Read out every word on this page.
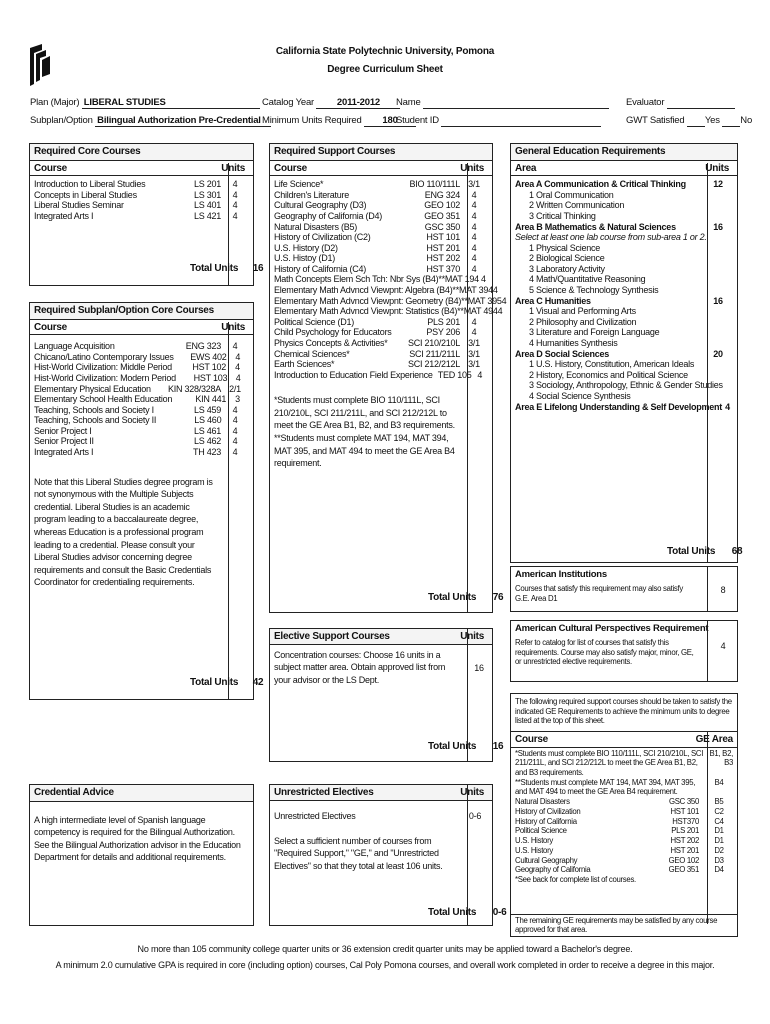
California State Polytechnic University, Pomona
Degree Curriculum Sheet
Plan (Major) LIBERAL STUDIES
Subplan/Option Bilingual Authorization Pre-Credential
Catalog Year 2011-2012
Minimum Units Required 180
Name
Student ID
Evaluator
GWT Satisfied Yes No
Required Core Courses
Course	Units
Introduction to Liberal Studies	LS 201	4
Concepts in Liberal Studies	LS 301	4
Liberal Studies Seminar	LS 401	4
Integrated Arts I	LS 421	4
Total Units 16
Required Subplan/Option Core Courses
Course	Units
Language Acquisition	ENG 323	4
Chicano/Latino Contemporary Issues	EWS 402 4
Hist-World Civilization: Middle Period	HST 102	4
Hist-World Civilization: Modern Period	HST 103 4
Elementary Physical Education	KIN 328/328A 2/1
Elementary School Health Education	KIN 441	3
Teaching, Schools and Society I	LS 459	4
Teaching, Schools and Society II	LS 460	4
Senior Project I	LS 461	4
Senior Project II	LS 462	4
Integrated Arts I	TH 423	4
Note that this Liberal Studies degree program is not synonymous with the Multiple Subjects credential. Liberal Studies is an academic program leading to a baccalaureate degree, whereas Education is a professional program leading to a credential. Please consult your Liberal Studies advisor concerning degree requirements and consult the Basic Credentials Coordinator for credentialing requirements.
Total Units 42
Credential Advice
A high intermediate level of Spanish language competency is required for the Bilingual Authorization. See the Bilingual Authorization advisor in the Education Department for details and additional requirements.
Required Support Courses
Course	Units
Life Science*	BIO 110/111L 3/1
Children's Literature	ENG 324	4
Cultural Geography (D3)	GEO 102	4
Geography of California (D4)	GEO 351	4
Natural Disasters (B5)	GSC 350	4
History of Civilization (C2)	HST 101	4
U.S. History (D2)	HST 201	4
U.S. Histoy (D1)	HST 202	4
History of California (C4)	HST 370	4
Math Concepts Elem Sch Tch: Nbr Sys (B4)** MAT 194 4
Elementary Math Advncd Viewpnt: Algebra (B4)** MAT 394 4
Elementary Math Advncd Viewpnt: Geometry (B4)** MAT 395 4
Elementary Math Advncd Viewpnt: Statistics (B4)** MAT 494 4
Political Science (D1)	PLS 201	4
Child Psychology for Educators	PSY 206	4
Physics Concepts & Activities*	SCI 210/210L 3/1
Chemical Sciences*	SCI 211/211L 3/1
Earth Sciences*	SCI 212/212L 3/1
Introduction to Education Field Experience TED 105 4
*Students must complete BIO 110/111L, SCI 210/210L, SCI 211/211L, and SCI 212/212L to meet the GE Area B1, B2, and B3 requirements. **Students must complete MAT 194, MAT 394, MAT 395, and MAT 494 to meet the GE Area B4 requirement.
Total Units 76
Elective Support Courses	Units
Concentration courses: Choose 16 units in a subject matter area. Obtain approved list from your advisor or the LS Dept.
16
Total Units 16
Unrestricted Electives	Units
Unrestricted Electives	0-6
Select a sufficient number of courses from "Required Support," "GE," and "Unrestricted Electives" so that they total at least 106 units.
Total Units 0-6
General Education Requirements
Area	Units
Area A Communication & Critical Thinking	12
1 Oral Communication
2 Written Communication
3 Critical Thinking
Area B Mathematics & Natural Sciences	16
Select at least one lab course from sub-area 1 or 2.
1 Physical Science
2 Biological Science
3 Laboratory Activity
4 Math/Quantitative Reasoning
5 Science & Technology Synthesis
Area C Humanities	16
1 Visual and Performing Arts
2 Philosophy and Civilization
3 Literature and Foreign Language
4 Humanities Synthesis
Area D Social Sciences	20
1 U.S. History, Constitution, American Ideals
2 History, Economics and Political Science
3 Sociology, Anthropology, Ethnic & Gender Studies
4 Social Science Synthesis
Area E Lifelong Understanding & Self Development 4
Total Units 68
American Institutions
Courses that satisfy this requirement may also satisfy G.E. Area D1
8
American Cultural Perspectives Requirement
Refer to catalog for list of courses that satisfy this requirements. Course may also satisfy major, minor, GE, or unrestricted elective requirements.
4
The following required support courses should be taken to satisfy the indicated GE Requirements to achieve the minimum units to degree listed at the top of this sheet.
Course	GE Area
*Students must complete BIO 110/111L, SCI 210/210L, SCI 211/211L, and SCI 212/212L to meet the GE Area B1, B2, and B3 requirements.
B1, B2, B3
**Students must complete MAT 194, MAT 394, MAT 395, and MAT 494 to meet the GE Area B4 requirement.
B4
Natural Disasters	GSC 350	B5
History of Civilization	HST 101	C2
History of California	HST370	C4
Political Science	PLS 201	D1
U.S. History	HST 202	D1
U.S. History	HST 201	D2
Cultural Geography	GEO 102	D3
Geography of California	GEO 351	D4
*See back for complete list of courses.
The remaining GE requirements may be satisfied by any course approved for that area.
No more than 105 community college quarter units or 36 extension credit quarter units may be applied toward a Bachelor's degree.
A minimum 2.0 cumulative GPA is required in core (including option) courses, Cal Poly Pomona courses, and overall work completed in order to receive a degree in this major.
